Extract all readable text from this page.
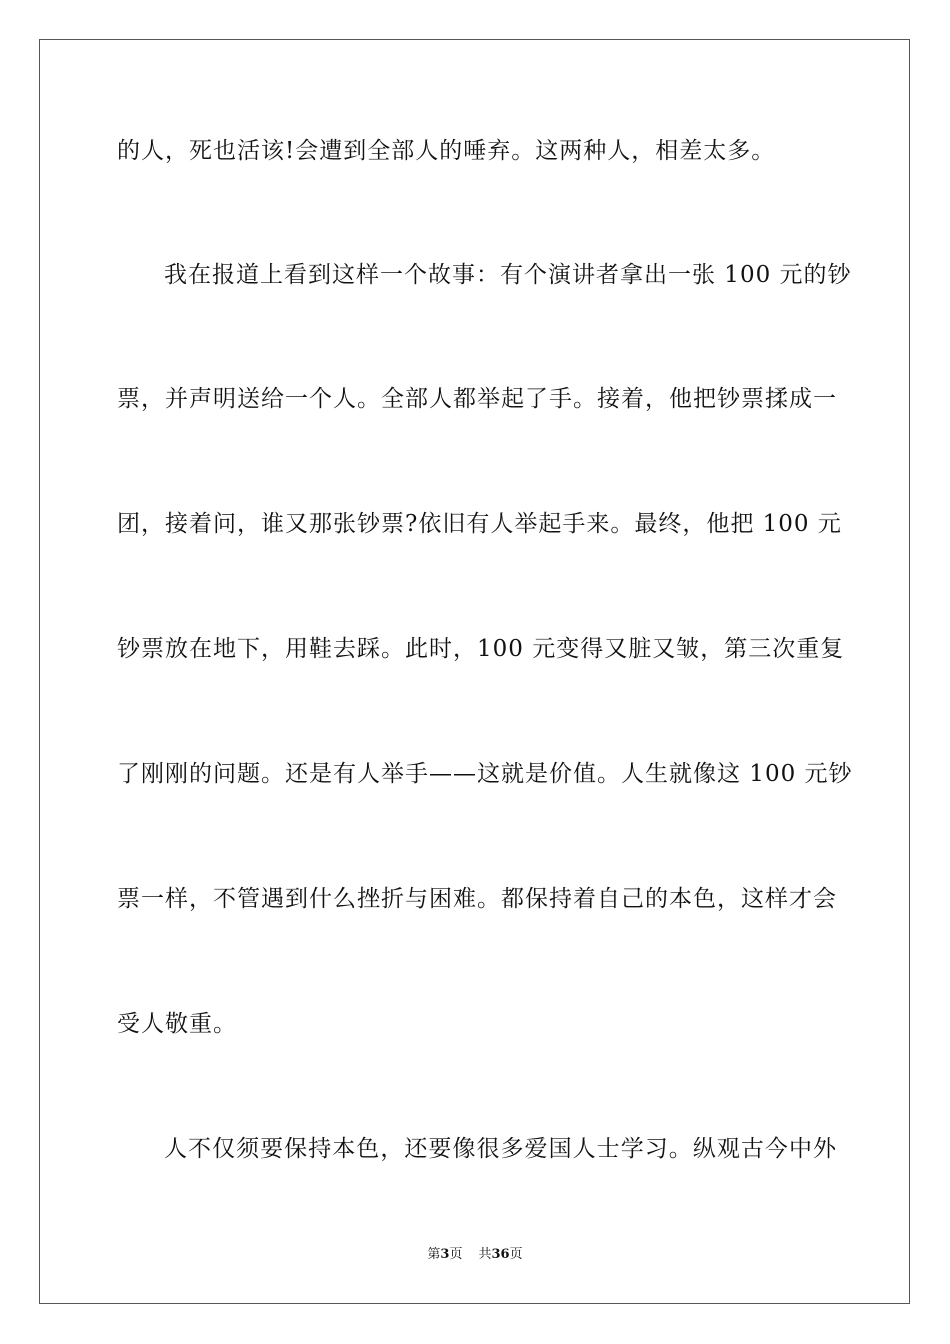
的人，死也活该!会遭到全部人的唾弃。这两种人，相差太多。
我在报道上看到这样一个故事：有个演讲者拿出一张 100 元的钞
票，并声明送给一个人。全部人都举起了手。接着，他把钞票揉成一
团，接着问，谁又那张钞票?依旧有人举起手来。最终，他把 100 元
钞票放在地下，用鞋去踩。此时，100 元变得又脏又皱，第三次重复
了刚刚的问题。还是有人举手——这就是价值。人生就像这 100 元钞
票一样，不管遇到什么挫折与困难。都保持着自己的本色，这样才会
受人敬重。
人不仅须要保持本色，还要像很多爱国人士学习。纵观古今中外
第3页 共36页
